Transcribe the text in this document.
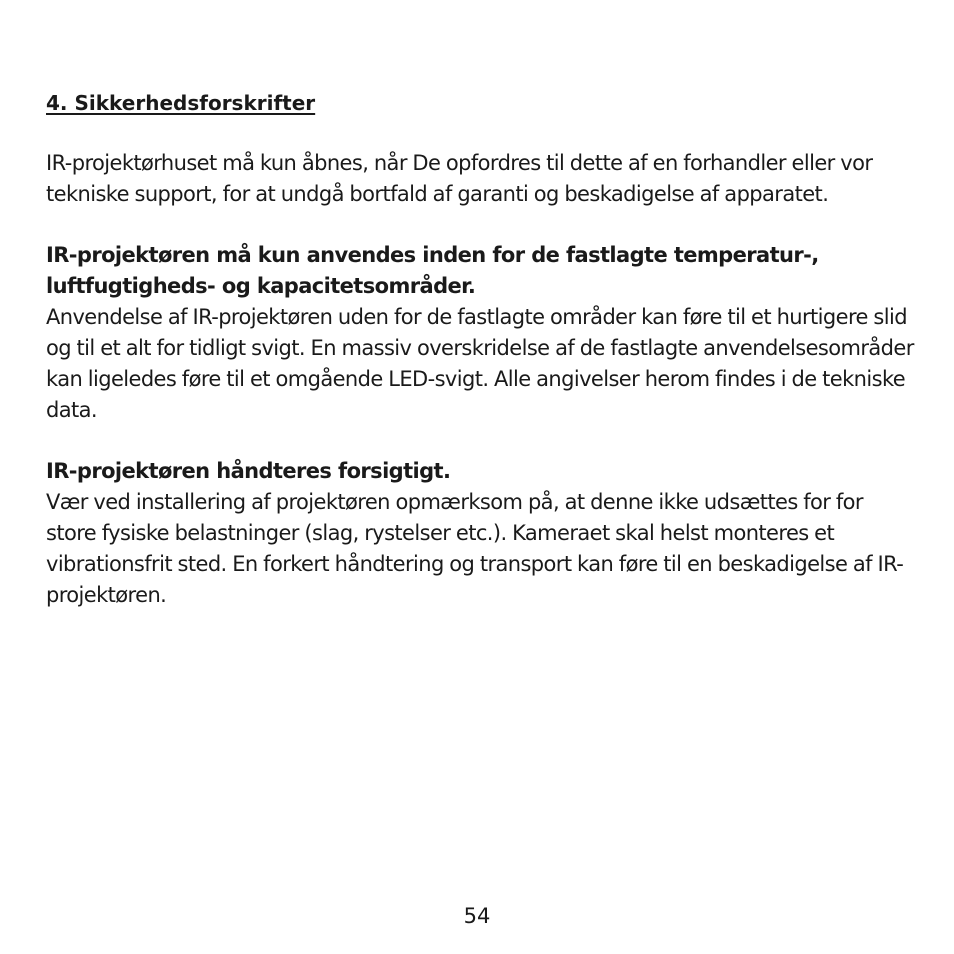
4. Sikkerhedsforskrifter

IR-projektørhuset må kun åbnes, når De opfordres til dette af en forhandler eller vor tekniske support, for at undgå bortfald af garanti og beskadigelse af apparatet.

IR-projektøren må kun anvendes inden for de fastlagte temperatur-, luftfugtigheds- og kapacitetsområder.

Anvendelse af IR-projektøren uden for de fastlagte områder kan føre til et hurtigere slid og til et alt for tidligt svigt. En massiv overskridelse af de fastlagte anvendelsesområder kan ligeledes føre til et omgående LED-svigt. Alle angivelser herom findes i de tekniske data.

IR-projektøren håndteres forsigtigt.

Vær ved installering af projektøren opmærksom på, at denne ikke udsættes for for store fysiske belastninger (slag, rystelser etc.). Kameraet skal helst monteres et vibrationsfrit sted. En forkert håndtering og transport kan føre til en beskadigelse af IR-projektøren.

54
